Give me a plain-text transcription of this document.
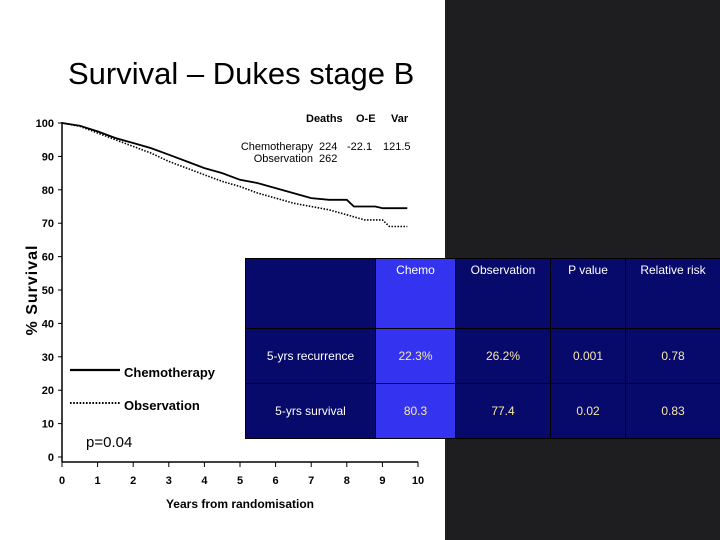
Survival – Dukes stage B
% Survival
Years from randomisation
0
10
20
30
40
50
60
70
80
90
100
0	1	2	3	4	5	6	7	8	9 10
Deaths O-E Var
Chemotherapy 224 -22.1 121.5
Observation 262
Chemotherapy
Observation
p=0.04
	Chemo	Observation	P value	Relative risk
5-yrs recurrence	22.3%	26.2%	0.001	0.78
5-yrs survival	80.3	77.4	0.02	0.83
